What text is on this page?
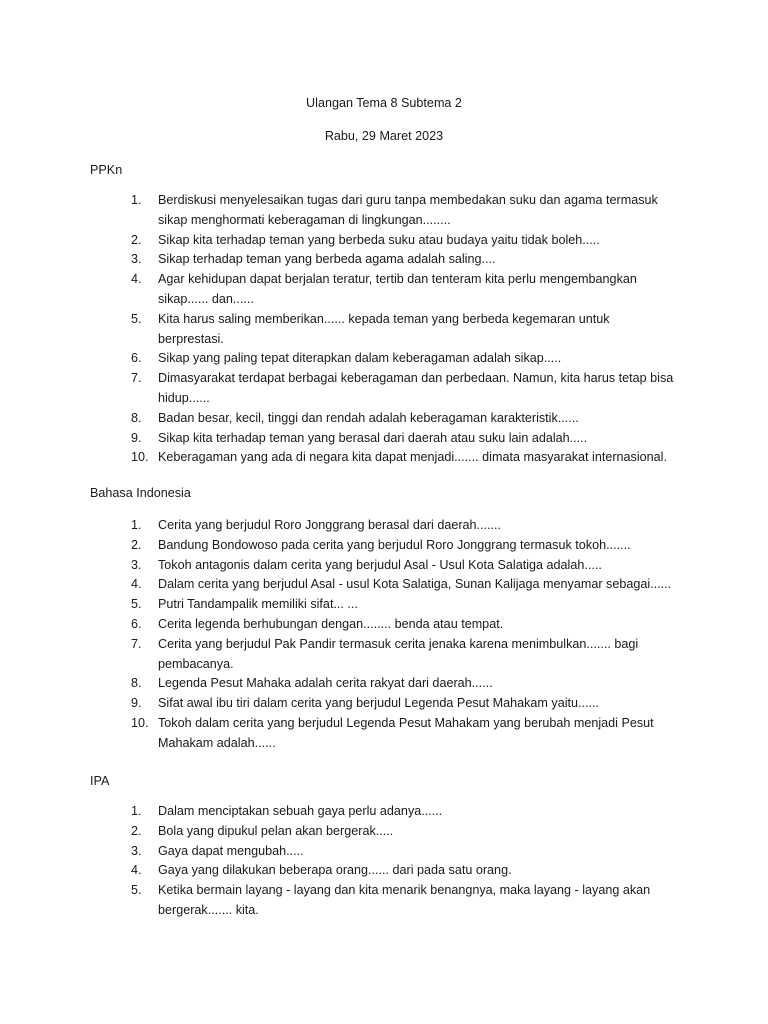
Ulangan Tema 8 Subtema 2
Rabu, 29 Maret 2023
PPKn
1.	Berdiskusi menyelesaikan tugas dari guru tanpa membedakan suku dan agama termasuk
sikap menghormati keberagaman di lingkungan........
2.	Sikap kita terhadap teman yang berbeda suku atau budaya yaitu tidak boleh.....
3.	Sikap terhadap teman yang berbeda agama adalah saling....
4.	Agar kehidupan dapat berjalan teratur, tertib dan tenteram kita perlu mengembangkan
sikap...... dan......
5.	Kita harus saling memberikan...... kepada teman yang berbeda kegemaran untuk
berprestasi.
6.	Sikap yang paling tepat diterapkan dalam keberagaman adalah sikap.....
7.	Dimasyarakat terdapat berbagai keberagaman dan perbedaan. Namun, kita harus tetap bisa
hidup......
8.	Badan besar, kecil, tinggi dan rendah adalah keberagaman karakteristik......
9.	Sikap kita terhadap teman yang berasal dari daerah atau suku lain adalah.....
10. Keberagaman yang ada di negara kita dapat menjadi....... dimata masyarakat internasional.
Bahasa Indonesia
1.	Cerita yang berjudul Roro Jonggrang berasal dari daerah.......
2.	Bandung Bondowoso pada cerita yang berjudul Roro Jonggrang termasuk tokoh.......
3.	Tokoh antagonis dalam cerita yang berjudul Asal - Usul Kota Salatiga adalah.....
4.	Dalam cerita yang berjudul Asal - usul Kota Salatiga, Sunan Kalijaga menyamar sebagai......
5.	Putri Tandampalik memiliki sifat... ...
6.	Cerita legenda berhubungan dengan........ benda atau tempat.
7.	Cerita yang berjudul Pak Pandir termasuk cerita jenaka karena menimbulkan....... bagi
pembacanya.
8.	Legenda Pesut Mahaka adalah cerita rakyat dari daerah......
9.	Sifat awal ibu tiri dalam cerita yang berjudul Legenda Pesut Mahakam yaitu......
10. Tokoh dalam cerita yang berjudul Legenda Pesut Mahakam yang berubah menjadi Pesut
Mahakam adalah......
IPA
1.	Dalam menciptakan sebuah gaya perlu adanya......
2.	Bola yang dipukul pelan akan bergerak.....
3.	Gaya dapat mengubah.....
4.	Gaya yang dilakukan beberapa orang...... dari pada satu orang.
5.	Ketika bermain layang - layang dan kita menarik benangnya, maka layang - layang akan
bergerak....... kita.
